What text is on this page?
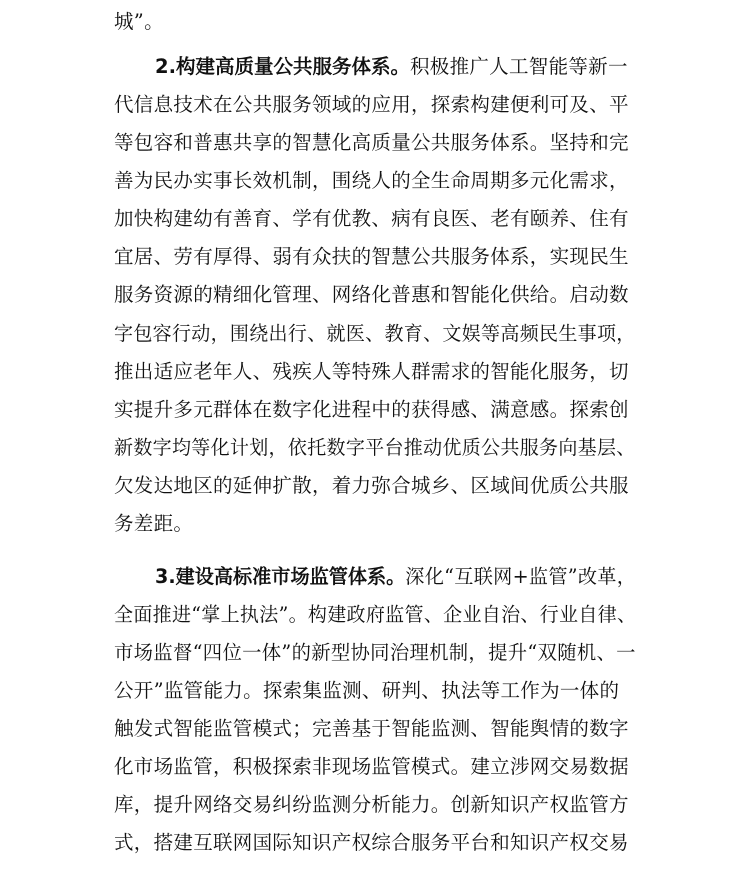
城”。
2.构建高质量公共服务体系。积极推广人工智能等新一
代信息技术在公共服务领域的应用，探索构建便利可及、平
等包容和普惠共享的智慧化高质量公共服务体系。坚持和完
善为民办实事长效机制，围绕人的全生命周期多元化需求，
加快构建幼有善育、学有优教、病有良医、老有颐养、住有
宜居、劳有厚得、弱有众扶的智慧公共服务体系，实现民生
服务资源的精细化管理、网络化普惠和智能化供给。启动数
字包容行动，围绕出行、就医、教育、文娱等高频民生事项，
推出适应老年人、残疾人等特殊人群需求的智能化服务，切
实提升多元群体在数字化进程中的获得感、满意感。探索创
新数字均等化计划，依托数字平台推动优质公共服务向基层、
欠发达地区的延伸扩散，着力弥合城乡、区域间优质公共服
务差距。
3.建设高标准市场监管体系。深化“互联网+监管”改革，
全面推进“掌上执法”。构建政府监管、企业自治、行业自律、
市场监督“四位一体”的新型协同治理机制，提升“双随机、一
公开”监管能力。探索集监测、研判、执法等工作为一体的
触发式智能监管模式；完善基于智能监测、智能舆情的数字
化市场监管，积极探索非现场监管模式。建立涉网交易数据
库，提升网络交易纠纷监测分析能力。创新知识产权监管方
式，搭建互联网国际知识产权综合服务平台和知识产权交易
